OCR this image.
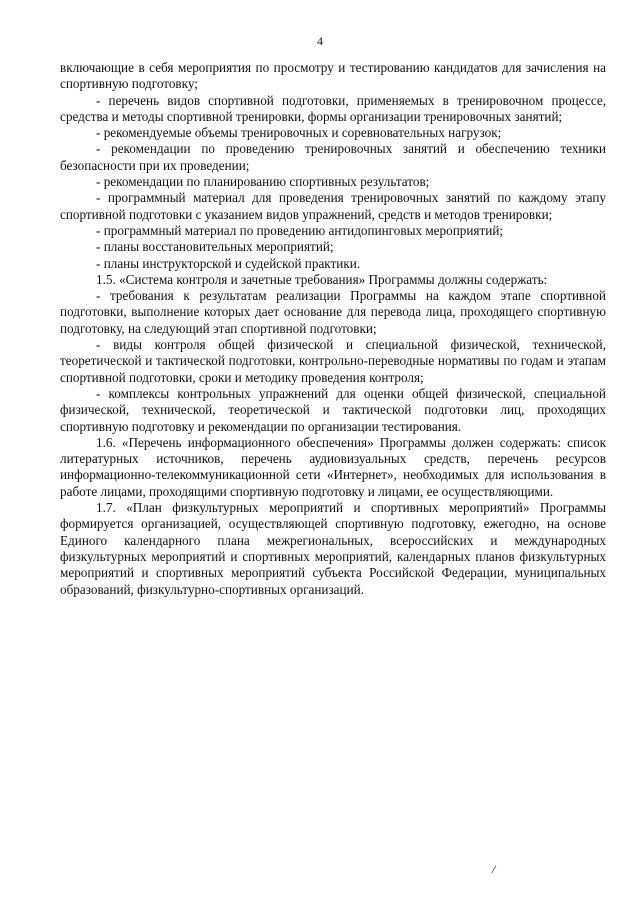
4

включающие в себя мероприятия по просмотру и тестированию кандидатов для зачисления на спортивную подготовку;

- перечень видов спортивной подготовки, применяемых в тренировочном процессе, средства и методы спортивной тренировки, формы организации тренировочных занятий;

- рекомендуемые объемы тренировочных и соревновательных нагрузок;

- рекомендации по проведению тренировочных занятий и обеспечению техники безопасности при их проведении;

- рекомендации по планированию спортивных результатов;

- программный материал для проведения тренировочных занятий по каждому этапу спортивной подготовки с указанием видов упражнений, средств и методов тренировки;

- программный материал по проведению антидопинговых мероприятий;

- планы восстановительных мероприятий;

- планы инструкторской и судейской практики.

1.5. «Система контроля и зачетные требования» Программы должны содержать:

- требования к результатам реализации Программы на каждом этапе спортивной подготовки, выполнение которых дает основание для перевода лица, проходящего спортивную подготовку, на следующий этап спортивной подготовки;

- виды контроля общей физической и специальной физической, технической, теоретической и тактической подготовки, контрольно-переводные нормативы по годам и этапам спортивной подготовки, сроки и методику проведения контроля;

- комплексы контрольных упражнений для оценки общей физической, специальной физической, технической, теоретической и тактической подготовки лиц, проходящих спортивную подготовку и рекомендации по организации тестирования.

1.6. «Перечень информационного обеспечения» Программы должен содержать: список литературных источников, перечень аудиовизуальных средств, перечень ресурсов информационно-телекоммуникационной сети «Интернет», необходимых для использования в работе лицами, проходящими спортивную подготовку и лицами, ее осуществляющими.

1.7. «План физкультурных мероприятий и спортивных мероприятий» Программы формируется организацией, осуществляющей спортивную подготовку, ежегодно, на основе Единого календарного плана межрегиональных, всероссийских и международных физкультурных мероприятий и спортивных мероприятий, календарных планов физкультурных мероприятий и спортивных мероприятий субъекта Российской Федерации, муниципальных образований, физкультурно-спортивных организаций.

/
